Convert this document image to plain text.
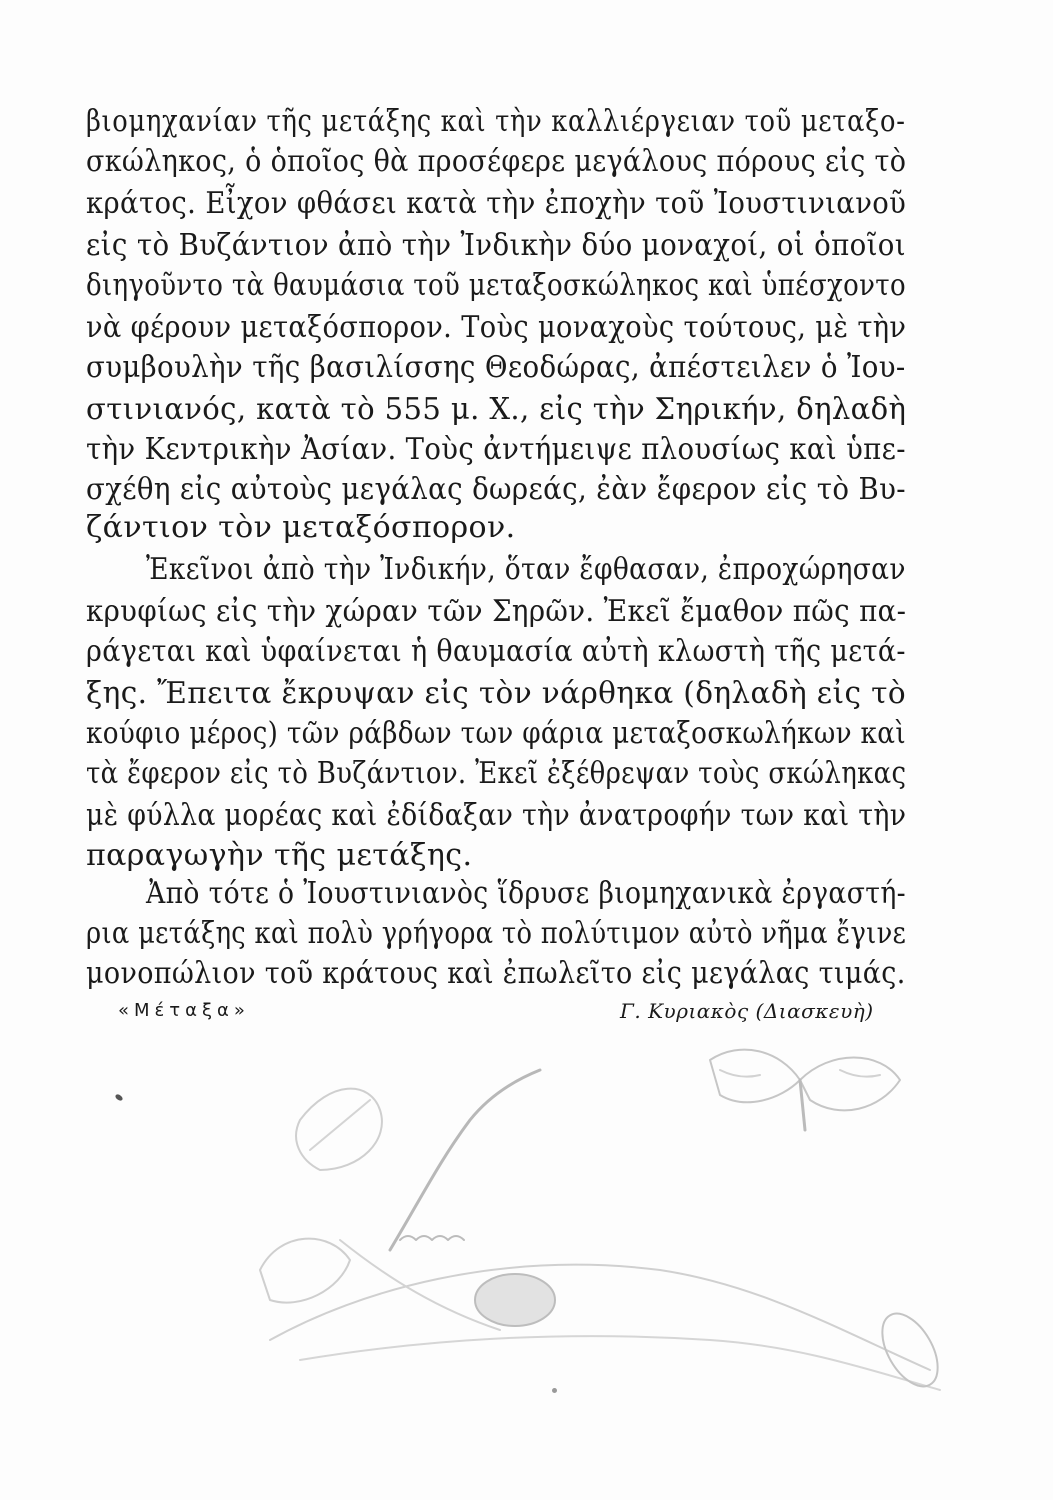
βιομηχανίαν τῆς μετάξης καὶ τὴν καλλιέργειαν τοῦ μεταξο-
σκώληκος, ὁ ὁποῖος θὰ προσέφερε μεγάλους πόρους εἰς τὸ
κράτος. Εἶχον φθάσει κατὰ τὴν ἐποχὴν τοῦ Ἰουστινιανοῦ
εἰς τὸ Βυζάντιον ἀπὸ τὴν Ἰνδικὴν δύο μοναχοί, οἱ ὁποῖοι
διηγοῦντο τὰ θαυμάσια τοῦ μεταξοσκώληκος καὶ ὑπέσχοντο
νὰ φέρουν μεταξόσπορον. Τοὺς μοναχοὺς τούτους, μὲ τὴν
συμβουλὴν τῆς βασιλίσσης Θεοδώρας, ἀπέστειλεν ὁ Ἰου-
στινιανός, κατὰ τὸ 555 μ. Χ., εἰς τὴν Σηρικήν, δηλαδὴ
τὴν Κεντρικὴν Ἀσίαν. Τοὺς ἀντήμειψε πλουσίως καὶ ὑπε-
σχέθη εἰς αὐτοὺς μεγάλας δωρεάς, ἐὰν ἔφερον εἰς τὸ Βυ-
ζάντιον τὸν μεταξόσπορον.
Ἐκεῖνοι ἀπὸ τὴν Ἰνδικήν, ὅταν ἔφθασαν, ἐπροχώρησαν
κρυφίως εἰς τὴν χώραν τῶν Σηρῶν. Ἐκεῖ ἔμαθον πῶς πα-
ράγεται καὶ ὑφαίνεται ἡ θαυμασία αὐτὴ κλωστὴ τῆς μετά-
ξης. Ἔπειτα ἔκρυψαν εἰς τὸν νάρθηκα (δηλαδὴ εἰς τὸ
κούφιο μέρος) τῶν ράβδων των φάρια μεταξοσκωλήκων καὶ
τὰ ἔφερον εἰς τὸ Βυζάντιον. Ἐκεῖ ἐξέθρεψαν τοὺς σκώληκας
μὲ φύλλα μορέας καὶ ἐδίδαξαν τὴν ἀνατροφήν των καὶ τὴν
παραγωγὴν τῆς μετάξης.
Ἀπὸ τότε ὁ Ἰουστινιανὸς ἵδρυσε βιομηχανικὰ ἐργαστή-
ρια μετάξης καὶ πολὺ γρήγορα τὸ πολύτιμον αὐτὸ νῆμα ἔγινε
μονοπώλιον τοῦ κράτους καὶ ἐπωλεῖτο εἰς μεγάλας τιμάς.
«Μέταξα»	Γ. Κυριακὸς (Διασκευὴ)
